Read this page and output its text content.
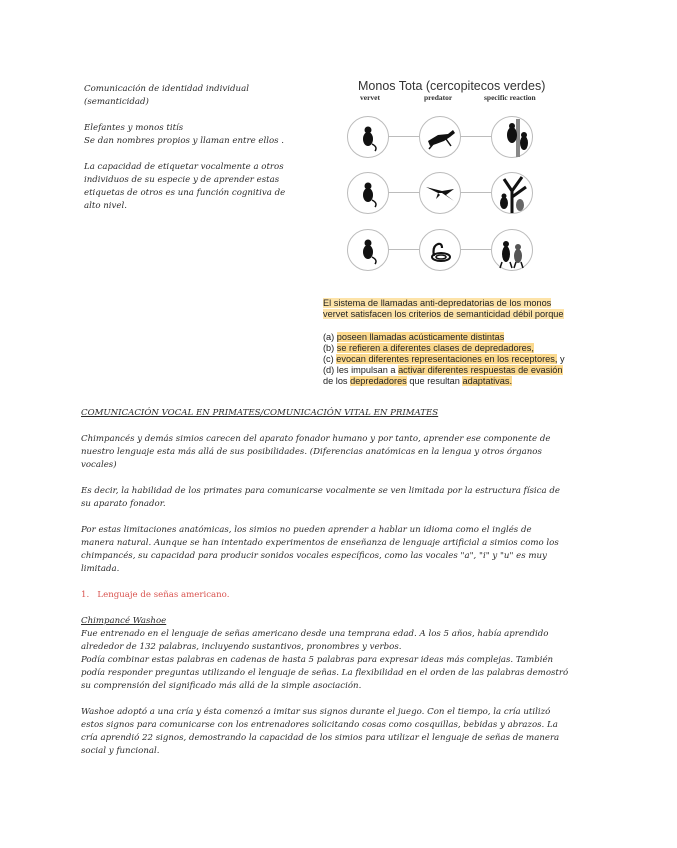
Comunicación de identidad individual

(semanticidad)

Elefantes y monos titís

Se dan nombres propios y llaman entre ellos .

La capacidad de etiquetar vocalmente a otros

individuos de su especie y de aprender estas

etiquetas de otros es una función cognitiva de

alto nivel.

Monos Tota (cercopitecos verdes)
vervet	predator	specific reaction
El sistema de llamadas anti-depredatorias de los monos
vervet satisfacen los criterios de semanticidad débil porque
(a) poseen llamadas acústicamente distintas
(b) se refieren a diferentes clases de depredadores,
(c) evocan diferentes representaciones en los receptores, y
(d) les impulsan a activar diferentes respuestas de evasión
de los depredadores que resultan adaptativas.

COMUNICACIÓN VOCAL EN PRIMATES/COMUNICACIÓN VITAL EN PRIMATES

Chimpancés y demás simios carecen del aparato fonador humano y por tanto, aprender ese componente de

nuestro lenguaje esta más allá de sus posibilidades. (Diferencias anatómicas en la lengua y otros órganos

vocales)

Es decir, la habilidad de los primates para comunicarse vocalmente se ven limitada por la estructura física de

su aparato fonador.

Por estas limitaciones anatómicas, los simios no pueden aprender a hablar un idioma como el inglés de

manera natural. Aunque se han intentado experimentos de enseñanza de lenguaje artificial a simios como los

chimpancés, su capacidad para producir sonidos vocales específicos, como las vocales "a", "i" y "u" es muy

limitada.

1. Lenguaje de señas americano.

Chimpancé Washoe

Fue entrenado en el lenguaje de señas americano desde una temprana edad. A los 5 años, había aprendido

alrededor de 132 palabras, incluyendo sustantivos, pronombres y verbos.

Podía combinar estas palabras en cadenas de hasta 5 palabras para expresar ideas más complejas. También

podía responder preguntas utilizando el lenguaje de señas. La flexibilidad en el orden de las palabras demostró

su comprensión del significado más allá de la simple asociación.

Washoe adoptó a una cría y ésta comenzó a imitar sus signos durante el juego. Con el tiempo, la cría utilizó

estos signos para comunicarse con los entrenadores solicitando cosas como cosquillas, bebidas y abrazos. La

cría aprendió 22 signos, demostrando la capacidad de los simios para utilizar el lenguaje de señas de manera

social y funcional.
